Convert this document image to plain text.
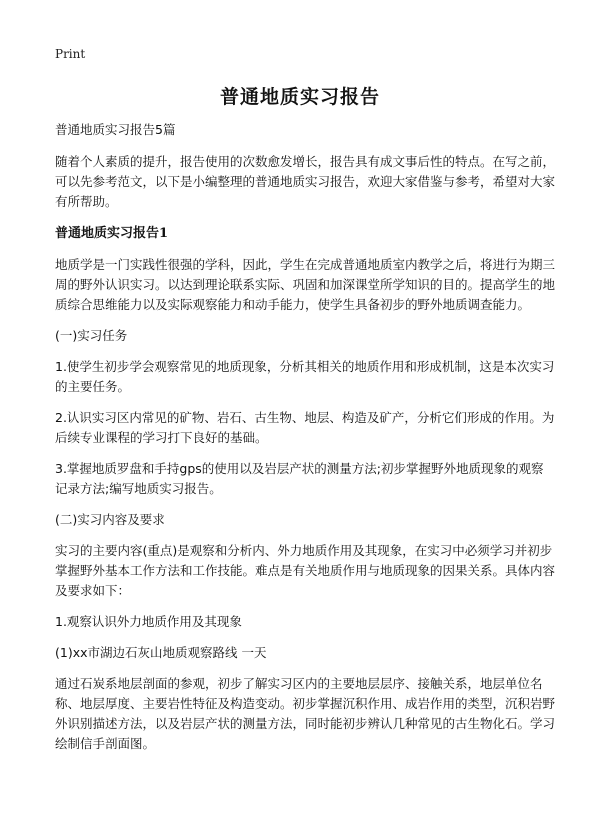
Print
普通地质实习报告

普通地质实习报告5篇

随着个人素质的提升，报告使用的次数愈发增长，报告具有成文事后性的特点。在写之前，可以先参考范文，以下是小编整理的普通地质实习报告，欢迎大家借鉴与参考，希望对大家有所帮助。

普通地质实习报告1

地质学是一门实践性很强的学科，因此，学生在完成普通地质室内教学之后，将进行为期三周的野外认识实习。以达到理论联系实际、巩固和加深课堂所学知识的目的。提高学生的地质综合思维能力以及实际观察能力和动手能力，使学生具备初步的野外地质调查能力。

(一)实习任务

1.使学生初步学会观察常见的地质现象，分析其相关的地质作用和形成机制，这是本次实习的主要任务。

2.认识实习区内常见的矿物、岩石、古生物、地层、构造及矿产，分析它们形成的作用。为后续专业课程的学习打下良好的基础。

3.掌握地质罗盘和手持gps的使用以及岩层产状的测量方法;初步掌握野外地质现象的观察记录方法;编写地质实习报告。

(二)实习内容及要求

实习的主要内容(重点)是观察和分析内、外力地质作用及其现象，在实习中必须学习并初步掌握野外基本工作方法和工作技能。难点是有关地质作用与地质现象的因果关系。具体内容及要求如下：

1.观察认识外力地质作用及其现象

(1)xx市湖边石灰山地质观察路线 一天

通过石炭系地层剖面的参观，初步了解实习区内的主要地层层序、接触关系，地层单位名称、地层厚度、主要岩性特征及构造变动。初步掌握沉积作用、成岩作用的类型，沉积岩野外识别描述方法，以及岩层产状的测量方法，同时能初步辨认几种常见的古生物化石。学习绘制信手剖面图。
